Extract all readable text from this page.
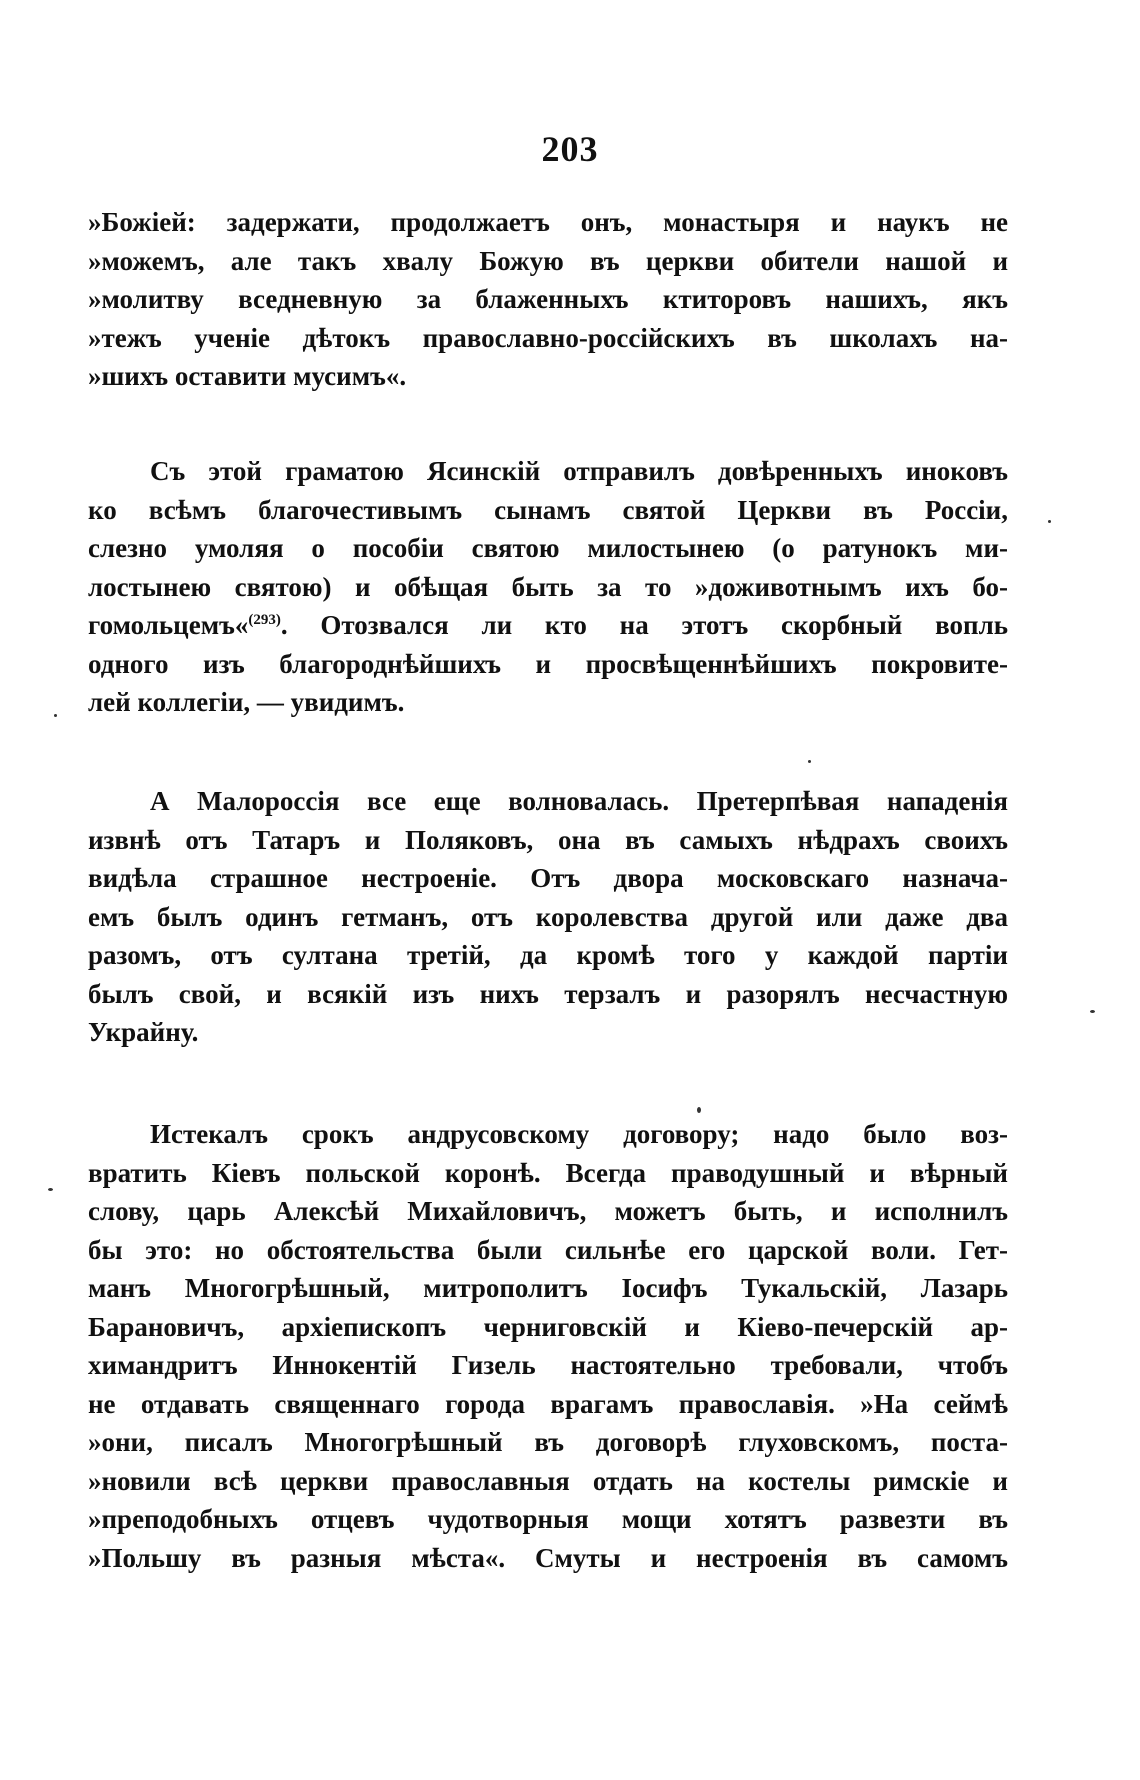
203
»Божіей: задержати, продолжаетъ онъ, монастыря и наукъ не
»можемъ, але такъ хвалу Божую въ церкви обители нашой и
»молитву вседневную за блаженныхъ ктиторовъ нашихъ, якъ
»тежъ ученіе дѣтокъ православно-россійскихъ въ школахъ на-
»шихъ оставити мусимъ«.
Съ этой граматою Ясинскій отправилъ довѣренныхъ иноковъ
ко всѣмъ благочестивымъ сынамъ святой Церкви въ Россіи,
слезно умоляя о пособіи святою милостынею (о ратунокъ ми-
лостынею святою) и обѣщая быть за то »доживотнымъ ихъ бо-
гомольцемъ«$^{(293)}$. Отозвался ли кто на этотъ скорбный вопль
одного изъ благороднѣйшихъ и просвѣщеннѣйшихъ покровите-
лей коллегіи, — увидимъ.
А Малороссія все еще волновалась. Претерпѣвая нападенія
извнѣ отъ Татаръ и Поляковъ, она въ самыхъ нѣдрахъ своихъ
видѣла страшное нестроеніе. Отъ двора московскаго назнача-
емъ былъ одинъ гетманъ, отъ королевства другой или даже два
разомъ, отъ султана третій, да кромѣ того у каждой партіи
былъ свой, и всякій изъ нихъ терзалъ и разорялъ несчастную
Украйну.
Истекалъ срокъ андрусовскому договору; надо было воз-
вратить Кіевъ польской коронѣ. Всегда праводушный и вѣрный
слову, царь Алексѣй Михайловичъ, можетъ быть, и исполнилъ
бы это: но обстоятельства были сильнѣе его царской воли. Гет-
манъ Многогрѣшный, митрополитъ Іосифъ Тукальскій, Лазарь
Барановичъ, архіепископъ черниговскій и Кіево-печерскій ар-
химандритъ Иннокентій Гизель настоятельно требовали, чтобъ
не отдавать священнаго города врагамъ православія. »На сеймѣ
»они, писалъ Многогрѣшный въ договорѣ глуховскомъ, поста-
»новили всѣ церкви православныя отдать на костелы римскіе и
»преподобныхъ отцевъ чудотворныя мощи хотятъ развезти въ
»Польшу въ разныя мѣста«. Смуты и нестроенія въ самомъ
